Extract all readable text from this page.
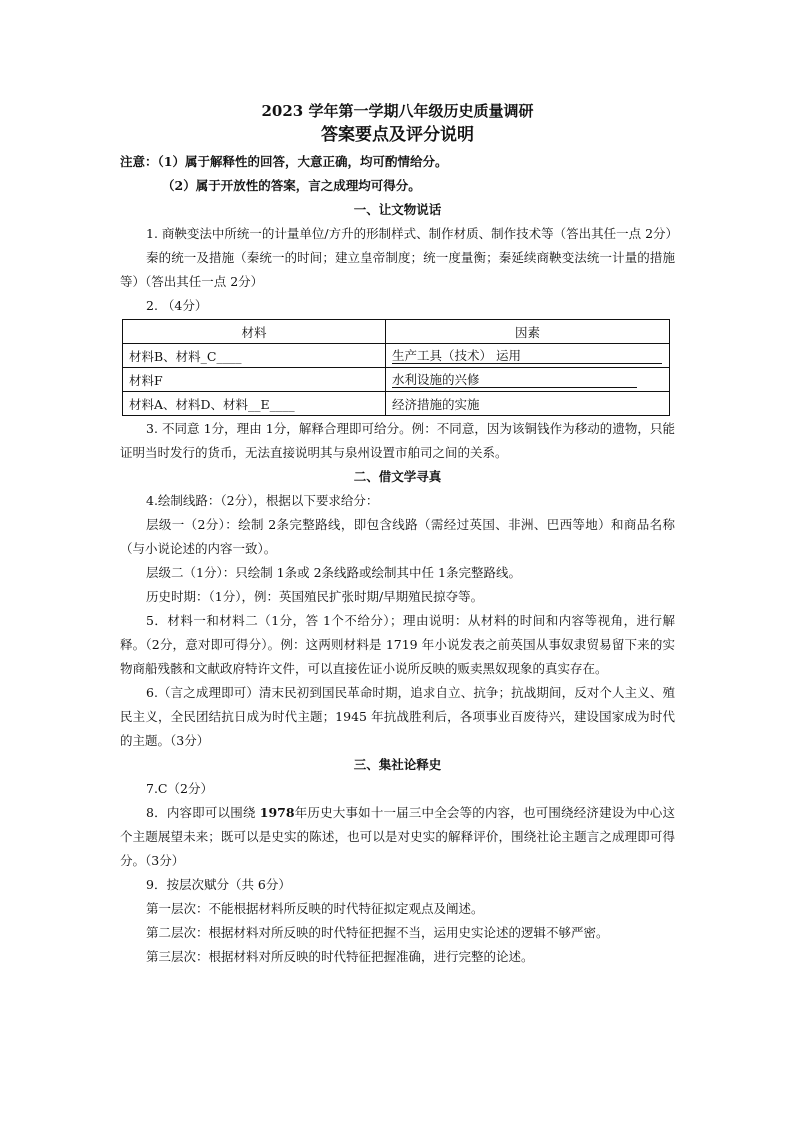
2023 学年第一学期八年级历史质量调研
答案要点及评分说明
注意：（1）属于解释性的回答，大意正确，均可酌情给分。
（2）属于开放性的答案，言之成理均可得分。
一、让文物说话

1. 商鞅变法中所统一的计量单位/方升的形制样式、制作材质、制作技术等（答出其任一点 2分）

秦的统一及措施（秦统一的时间；建立皇帝制度；统一度量衡；秦延续商鞅变法统一计量的措施等）（答出其任一点 2分）

2. （4分）

材料	因素
材料B、材料_C____	生产工具（技术） 运用
材料F	水利设施的兴修
材料A、材料D、材料__E____	经济措施的实施

3. 不同意 1分，理由 1分，解释合理即可给分。例：不同意，因为该铜钱作为移动的遗物，只能证明当时发行的货币，无法直接说明其与泉州设置市舶司之间的关系。

二、借文学寻真

4.绘制线路：（2分），根据以下要求给分：

层级一（2分）：绘制 2条完整路线，即包含线路（需经过英国、非洲、巴西等地）和商品名称（与小说论述的内容一致）。

层级二（1分）：只绘制 1条或 2条线路或绘制其中任 1条完整路线。

历史时期：（1分），例：英国殖民扩张时期/早期殖民掠夺等。

5．材料一和材料二（1分，答 1个不给分）；理由说明：从材料的时间和内容等视角，进行解释。（2分，意对即可得分）。例：这两则材料是 1719 年小说发表之前英国从事奴隶贸易留下来的实物商船残骸和文献政府特许文件，可以直接佐证小说所反映的贩卖黑奴现象的真实存在。

6.（言之成理即可）清末民初到国民革命时期，追求自立、抗争；抗战期间，反对个人主义、殖民主义，全民团结抗日成为时代主题；1945 年抗战胜利后，各项事业百废待兴，建设国家成为时代的主题。（3分）

三、集社论释史

7.C（2分）

8．内容即可以围绕 1978年历史大事如十一届三中全会等的内容，也可围绕经济建设为中心这个主题展望未来；既可以是史实的陈述，也可以是对史实的解释评价，围绕社论主题言之成理即可得分。（3分）

9．按层次赋分（共 6分）

第一层次：不能根据材料所反映的时代特征拟定观点及阐述。

第二层次：根据材料对所反映的时代特征把握不当，运用史实论述的逻辑不够严密。

第三层次：根据材料对所反映的时代特征把握准确，进行完整的论述。
